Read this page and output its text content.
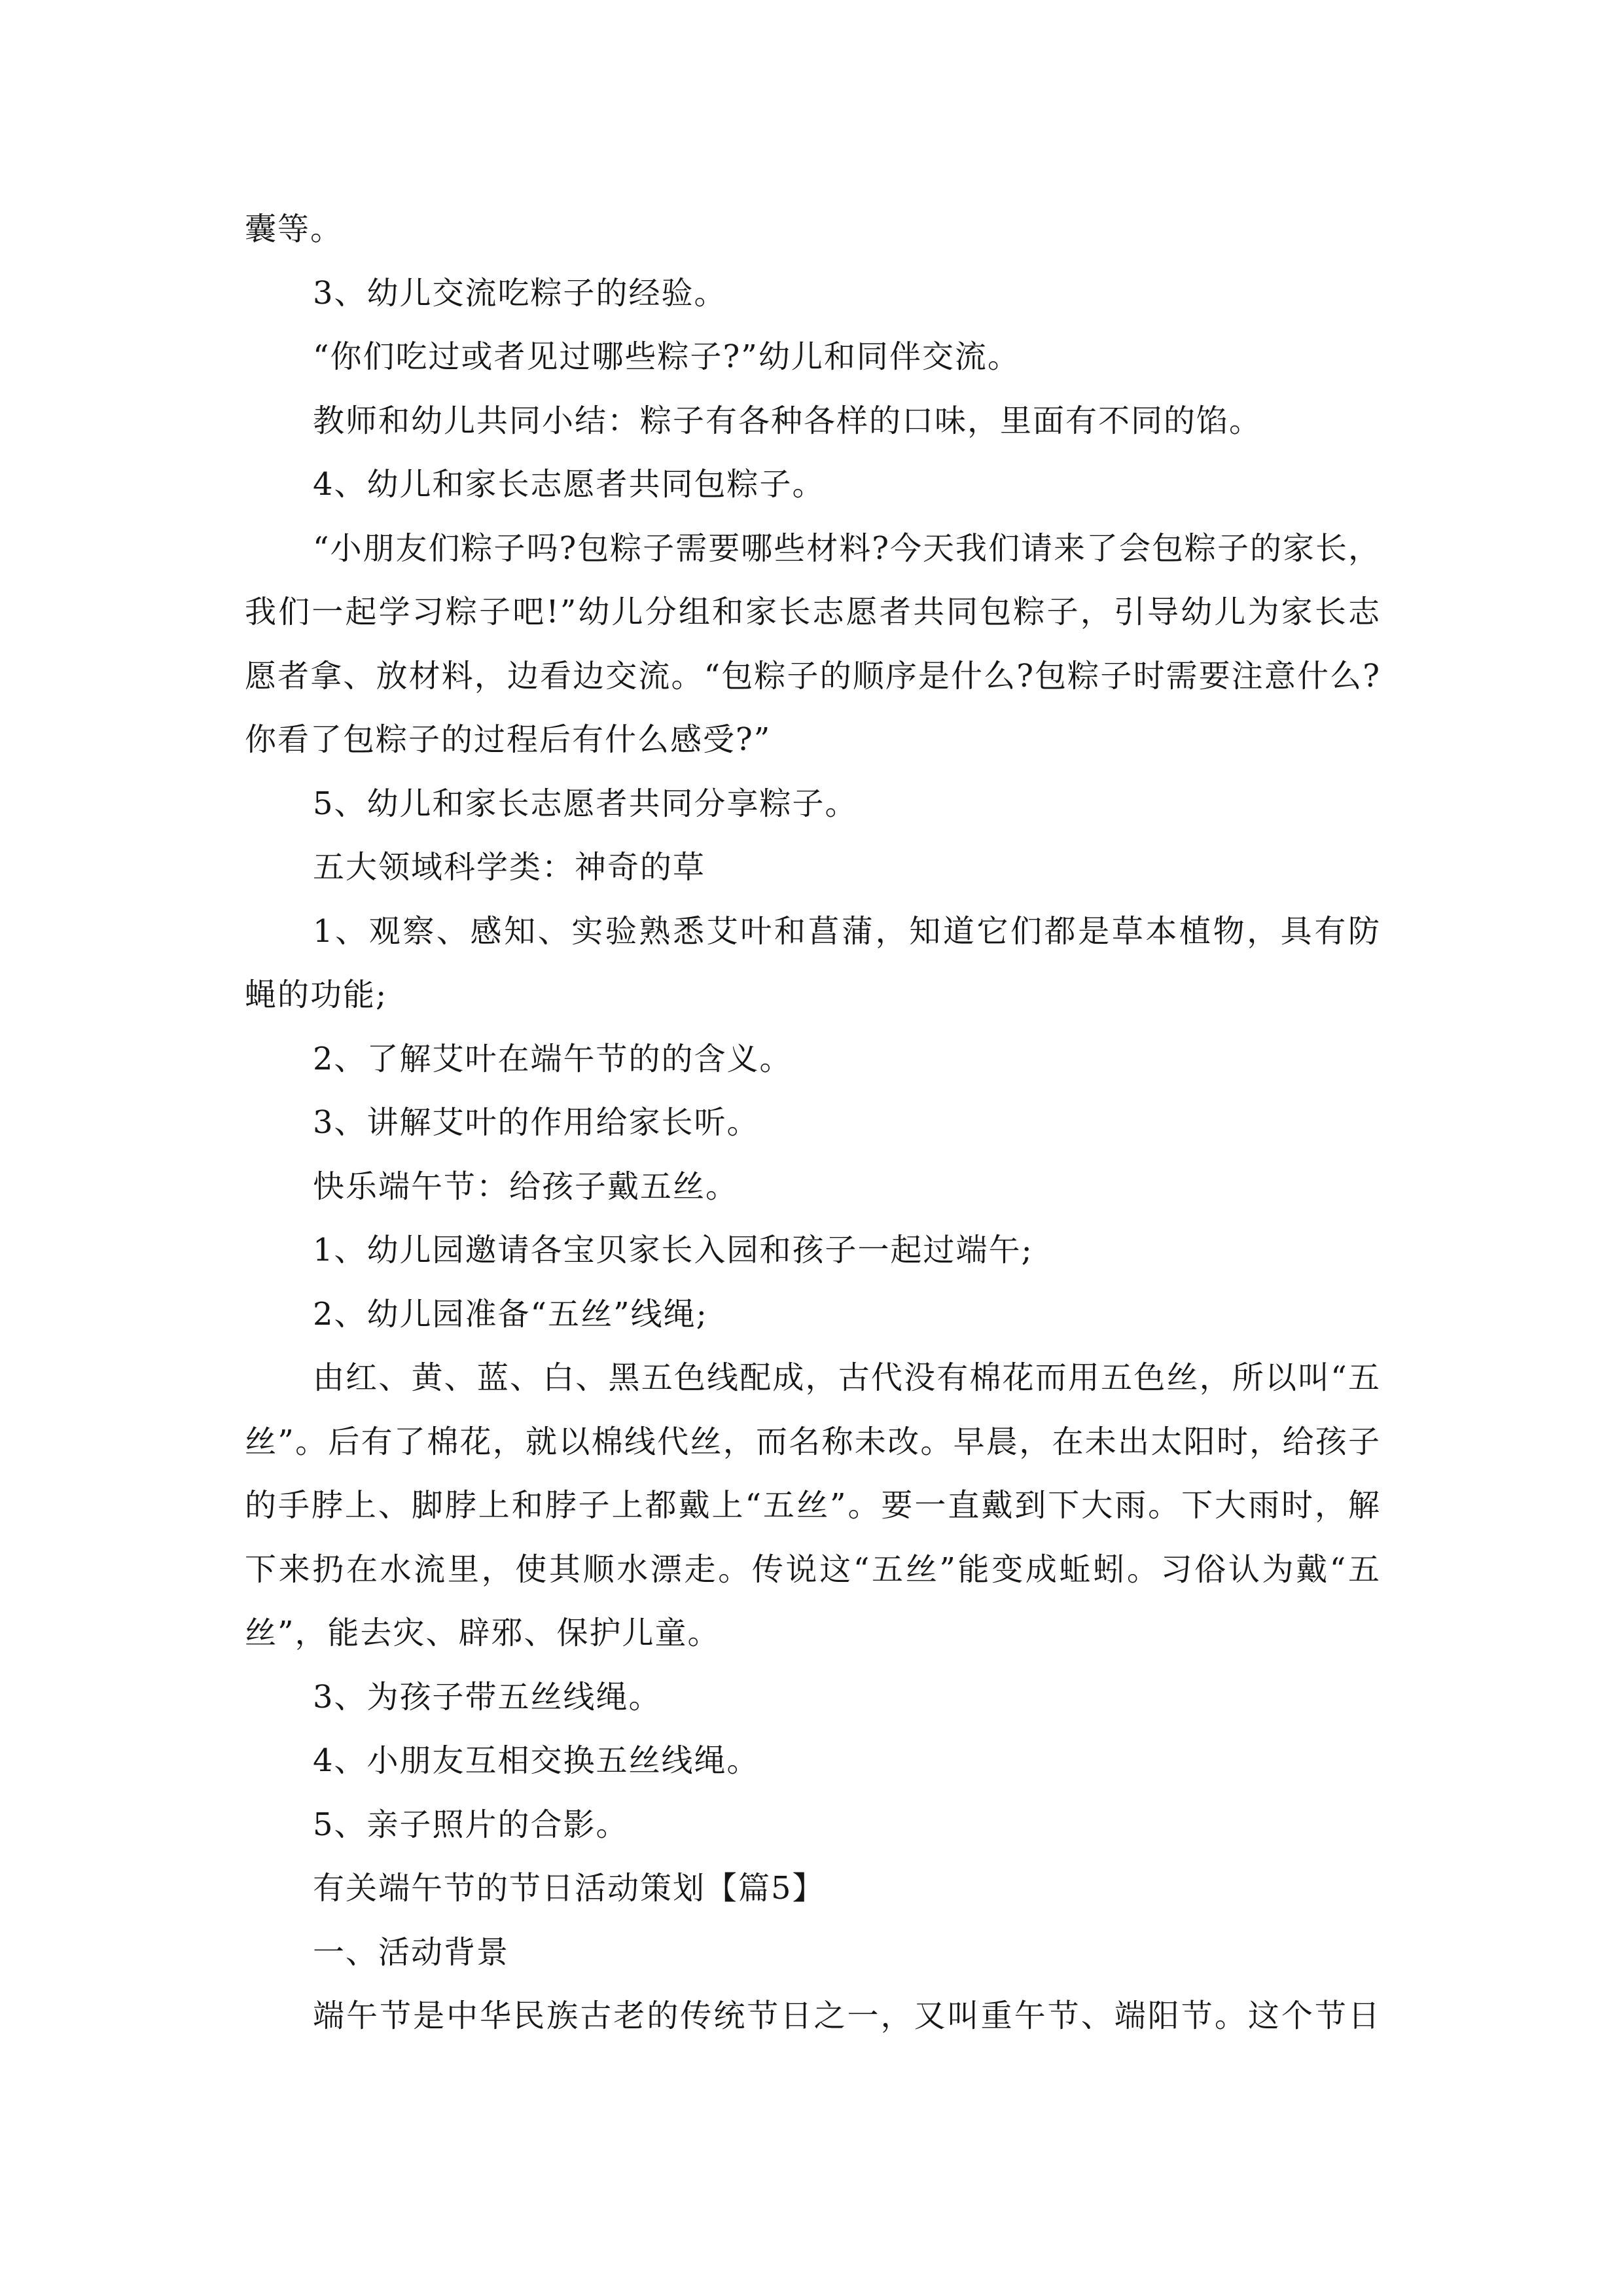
囊等。
3、幼儿交流吃粽子的经验。
“你们吃过或者见过哪些粽子?”幼儿和同伴交流。
教师和幼儿共同小结：粽子有各种各样的口味，里面有不同的馅。
4、幼儿和家长志愿者共同包粽子。
“小朋友们粽子吗?包粽子需要哪些材料?今天我们请来了会包粽子的家长，
我们一起学习粽子吧!”幼儿分组和家长志愿者共同包粽子，引导幼儿为家长志
愿者拿、放材料，边看边交流。“包粽子的顺序是什么?包粽子时需要注意什么?
你看了包粽子的过程后有什么感受?”
5、幼儿和家长志愿者共同分享粽子。
五大领域科学类：神奇的草
1、观察、感知、实验熟悉艾叶和菖蒲，知道它们都是草本植物，具有防
蝇的功能;
2、了解艾叶在端午节的的含义。
3、讲解艾叶的作用给家长听。
快乐端午节：给孩子戴五丝。
1、幼儿园邀请各宝贝家长入园和孩子一起过端午;
2、幼儿园准备“五丝”线绳;
由红、黄、蓝、白、黑五色线配成，古代没有棉花而用五色丝，所以叫“五
丝”。后有了棉花，就以棉线代丝，而名称未改。早晨，在未出太阳时，给孩子
的手脖上、脚脖上和脖子上都戴上“五丝”。要一直戴到下大雨。下大雨时，解
下来扔在水流里，使其顺水漂走。传说这“五丝”能变成蚯蚓。习俗认为戴“五
丝”，能去灾、辟邪、保护儿童。
3、为孩子带五丝线绳。
4、小朋友互相交换五丝线绳。
5、亲子照片的合影。
有关端午节的节日活动策划【篇5】
一、活动背景
端午节是中华民族古老的传统节日之一，又叫重午节、端阳节。这个节日
